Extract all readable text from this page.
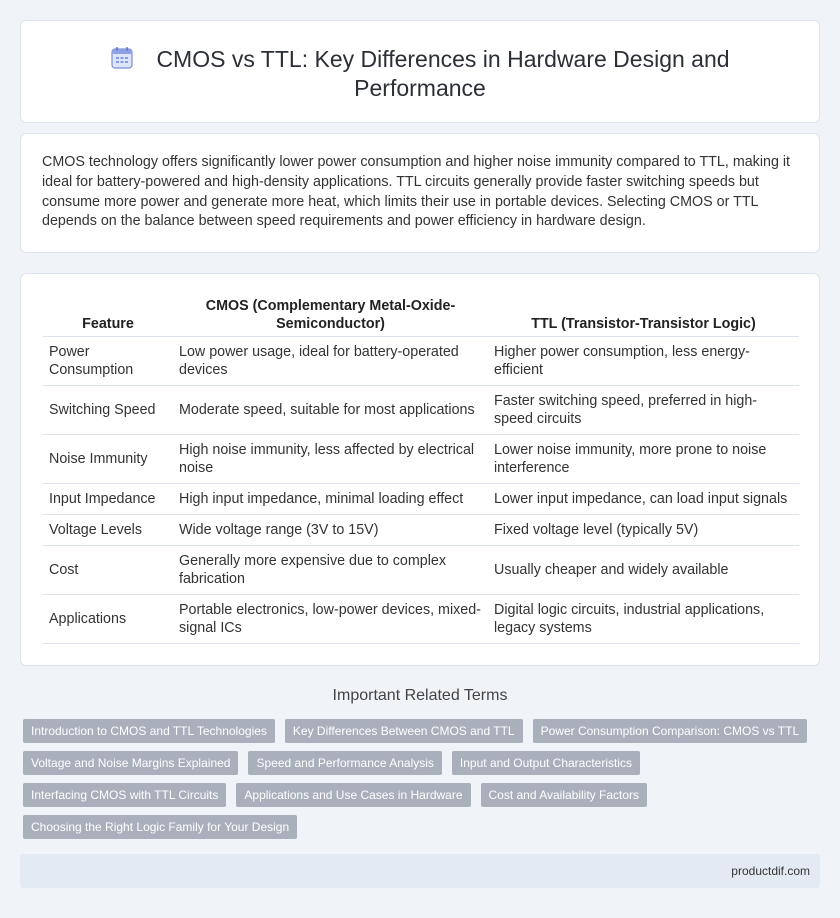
CMOS vs TTL: Key Differences in Hardware Design and
Performance

CMOS technology offers significantly lower power consumption and higher noise immunity compared to TTL, making it ideal for battery-powered and high-density applications. TTL circuits generally provide faster switching speeds but consume more power and generate more heat, which limits their use in portable devices. Selecting CMOS or TTL depends on the balance between speed requirements and power efficiency in hardware design.

Feature	CMOS (Complementary Metal-Oxide-Semiconductor)	TTL (Transistor-Transistor Logic)
Power Consumption	Low power usage, ideal for battery-operated devices	Higher power consumption, less energy-efficient
Switching Speed	Moderate speed, suitable for most applications	Faster switching speed, preferred in high-speed circuits
Noise Immunity	High noise immunity, less affected by electrical noise	Lower noise immunity, more prone to noise interference
Input Impedance	High input impedance, minimal loading effect	Lower input impedance, can load input signals
Voltage Levels	Wide voltage range (3V to 15V)	Fixed voltage level (typically 5V)
Cost	Generally more expensive due to complex fabrication	Usually cheaper and widely available
Applications	Portable electronics, low-power devices, mixed-signal ICs	Digital logic circuits, industrial applications, legacy systems
Important Related Terms
Introduction to CMOS and TTL Technologies Key Differences Between CMOS and TTL Power Consumption Comparison: CMOS vs TTL
Voltage and Noise Margins Explained Speed and Performance Analysis Input and Output Characteristics
Interfacing CMOS with TTL Circuits Applications and Use Cases in Hardware Cost and Availability Factors
Choosing the Right Logic Family for Your Design
productdif.com
